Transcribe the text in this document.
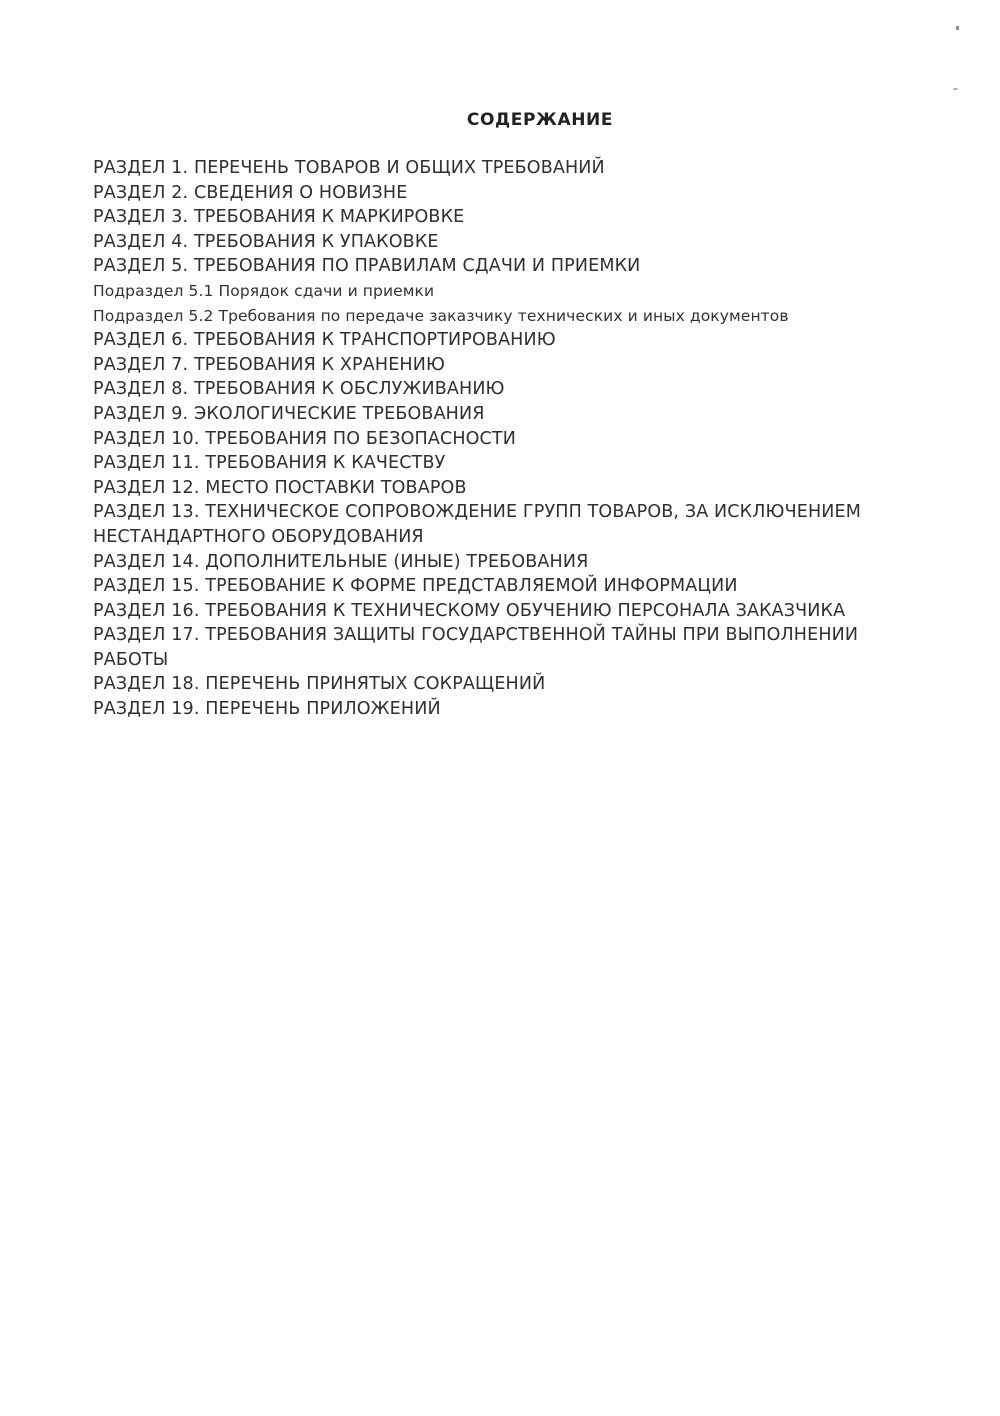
СОДЕРЖАНИЕ
РАЗДЕЛ 1. ПЕРЕЧЕНЬ ТОВАРОВ И ОБЩИХ ТРЕБОВАНИЙ
РАЗДЕЛ 2. СВЕДЕНИЯ О НОВИЗНЕ
РАЗДЕЛ 3. ТРЕБОВАНИЯ К МАРКИРОВКЕ
РАЗДЕЛ 4. ТРЕБОВАНИЯ К УПАКОВКЕ
РАЗДЕЛ 5. ТРЕБОВАНИЯ ПО ПРАВИЛАМ СДАЧИ И ПРИЕМКИ
Подраздел 5.1 Порядок сдачи и приемки
Подраздел 5.2 Требования по передаче заказчику технических и иных документов
РАЗДЕЛ 6. ТРЕБОВАНИЯ К ТРАНСПОРТИРОВАНИЮ
РАЗДЕЛ 7. ТРЕБОВАНИЯ К ХРАНЕНИЮ
РАЗДЕЛ 8. ТРЕБОВАНИЯ К ОБСЛУЖИВАНИЮ
РАЗДЕЛ 9. ЭКОЛОГИЧЕСКИЕ ТРЕБОВАНИЯ
РАЗДЕЛ 10. ТРЕБОВАНИЯ ПО БЕЗОПАСНОСТИ
РАЗДЕЛ 11. ТРЕБОВАНИЯ К КАЧЕСТВУ
РАЗДЕЛ 12. МЕСТО ПОСТАВКИ ТОВАРОВ
РАЗДЕЛ 13. ТЕХНИЧЕСКОЕ СОПРОВОЖДЕНИЕ ГРУПП ТОВАРОВ, ЗА ИСКЛЮЧЕНИЕМ НЕСТАНДАРТНОГО ОБОРУДОВАНИЯ
РАЗДЕЛ 14. ДОПОЛНИТЕЛЬНЫЕ (ИНЫЕ) ТРЕБОВАНИЯ
РАЗДЕЛ 15. ТРЕБОВАНИЕ К ФОРМЕ ПРЕДСТАВЛЯЕМОЙ ИНФОРМАЦИИ
РАЗДЕЛ 16. ТРЕБОВАНИЯ К ТЕХНИЧЕСКОМУ ОБУЧЕНИЮ ПЕРСОНАЛА ЗАКАЗЧИКА
РАЗДЕЛ 17. ТРЕБОВАНИЯ ЗАЩИТЫ ГОСУДАРСТВЕННОЙ ТАЙНЫ ПРИ ВЫПОЛНЕНИИ РАБОТЫ
РАЗДЕЛ 18. ПЕРЕЧЕНЬ ПРИНЯТЫХ СОКРАЩЕНИЙ
РАЗДЕЛ 19. ПЕРЕЧЕНЬ ПРИЛОЖЕНИЙ
